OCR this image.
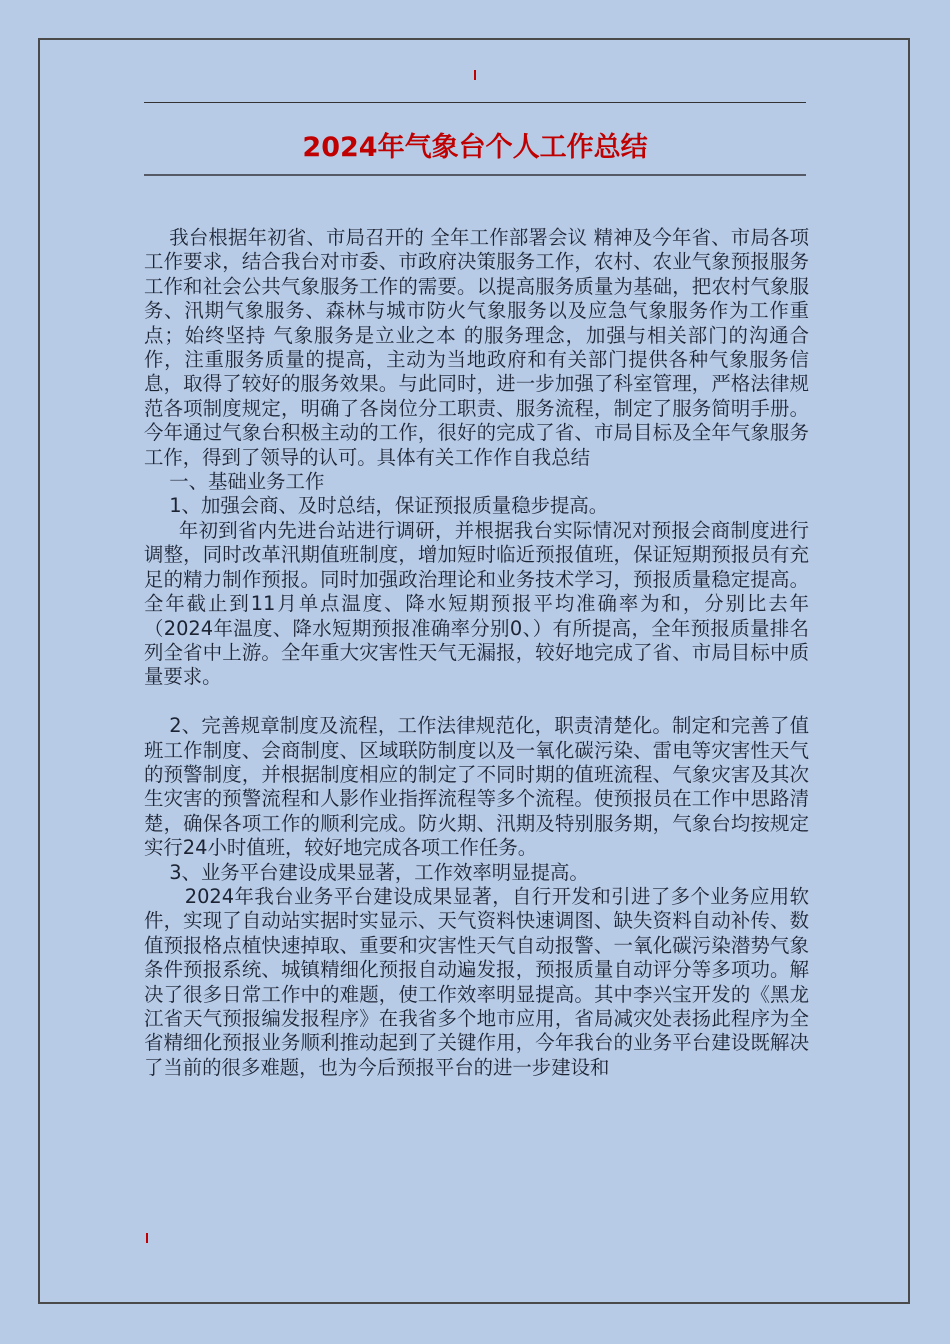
2024年气象台个人工作总结

我台根据年初省、市局召开的 全年工作部署会议 精神及今年省、市局各项工作要求，结合我台对市委、市政府决策服务工作，农村、农业气象预报服务工作和社会公共气象服务工作的需要。以提高服务质量为基础，把农村气象服务、汛期气象服务、森林与城市防火气象服务以及应急气象服务作为工作重点；始终坚持 气象服务是立业之本 的服务理念，加强与相关部门的沟通合作，注重服务质量的提高，主动为当地政府和有关部门提供各种气象服务信息，取得了较好的服务效果。与此同时，进一步加强了科室管理，严格法律规范各项制度规定，明确了各岗位分工职责、服务流程，制定了服务简明手册。今年通过气象台积极主动的工作，很好的完成了省、市局目标及全年气象服务工作，得到了领导的认可。具体有关工作作自我总结

一、基础业务工作

1、加强会商、及时总结，保证预报质量稳步提高。

年初到省内先进台站进行调研，并根据我台实际情况对预报会商制度进行调整，同时改革汛期值班制度，增加短时临近预报值班，保证短期预报员有充足的精力制作预报。同时加强政治理论和业务技术学习，预报质量稳定提高。全年截止到11月单点温度、降水短期预报平均准确率为和，分别比去年（2024年温度、降水短期预报准确率分别0、）有所提高，全年预报质量排名列全省中上游。全年重大灾害性天气无漏报，较好地完成了省、市局目标中质量要求。

2、完善规章制度及流程，工作法律规范化，职责清楚化。制定和完善了值班工作制度、会商制度、区域联防制度以及一氧化碳污染、雷电等灾害性天气的预警制度，并根据制度相应的制定了不同时期的值班流程、气象灾害及其次生灾害的预警流程和人影作业指挥流程等多个流程。使预报员在工作中思路清楚，确保各项工作的顺利完成。防火期、汛期及特别服务期，气象台均按规定实行24小时值班，较好地完成各项工作任务。

3、业务平台建设成果显著，工作效率明显提高。

2024年我台业务平台建设成果显著，自行开发和引进了多个业务应用软件，实现了自动站实据时实显示、天气资料快速调图、缺失资料自动补传、数值预报格点植快速掉取、重要和灾害性天气自动报警、一氧化碳污染潜势气象条件预报系统、城镇精细化预报自动遍发报，预报质量自动评分等多项功。解决了很多日常工作中的难题，使工作效率明显提高。其中李兴宝开发的《黑龙江省天气预报编发报程序》在我省多个地市应用，省局减灾处表扬此程序为全省精细化预报业务顺利推动起到了关键作用，今年我台的业务平台建设既解决了当前的很多难题，也为今后预报平台的进一步建设和
